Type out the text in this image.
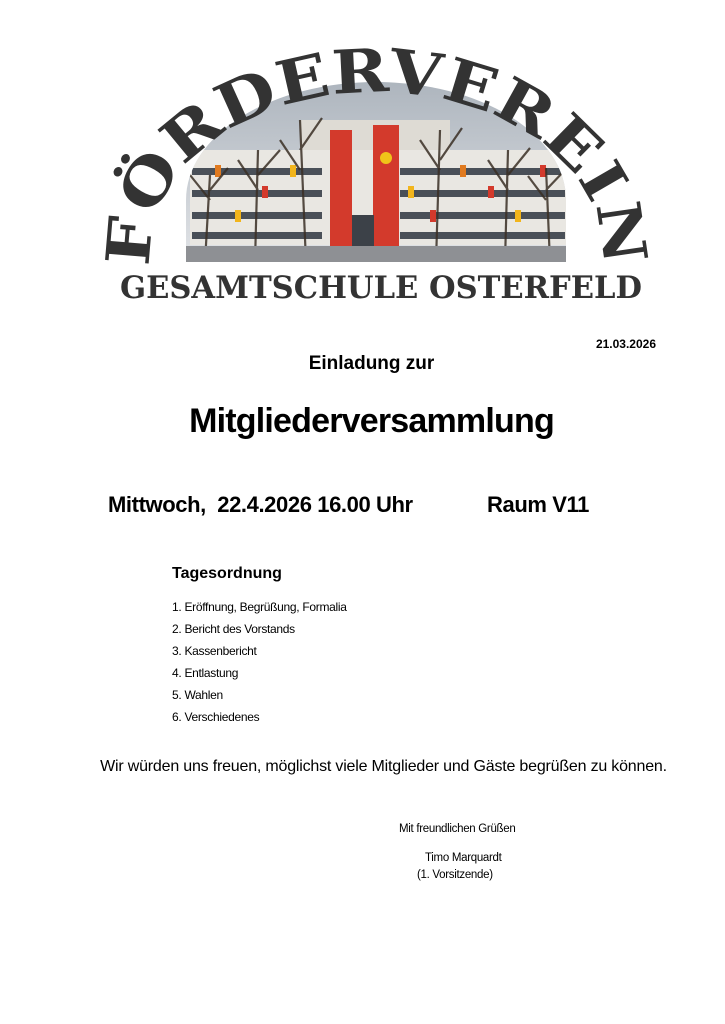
FÖRDERVEREIN
GESAMTSCHULE OSTERFELD
21.03.2026
Einladung zur
Mitgliederversammlung
Mittwoch,  22.4.2026 16.00 Uhr	Raum V11
Tagesordnung
1. Eröffnung, Begrüßung, Formalia
2. Bericht des Vorstands
3. Kassenbericht
4. Entlastung
5. Wahlen
6. Verschiedenes
Wir würden uns freuen, möglichst viele Mitglieder und Gäste begrüßen zu können.
Mit freundlichen Grüßen
Timo Marquardt
(1. Vorsitzende)
